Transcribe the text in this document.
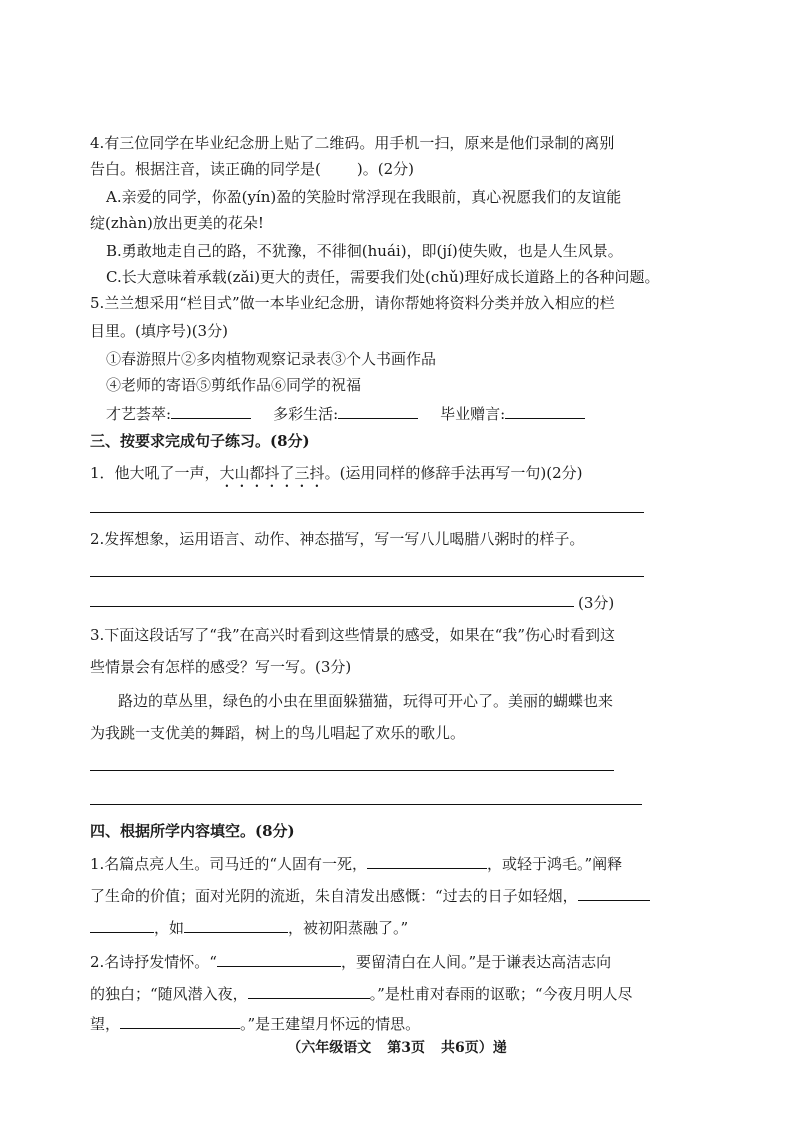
4.有三位同学在毕业纪念册上贴了二维码。用手机一扫，原来是他们录制的离别
告白。根据注音，读正确的同学是( )。(2分)
A.亲爱的同学，你盈(yín)盈的笑脸时常浮现在我眼前，真心祝愿我们的友谊能
绽(zhàn)放出更美的花朵!
B.勇敢地走自己的路，不犹豫，不徘徊(huái)，即(jí)使失败，也是人生风景。
C.长大意味着承载(zǎi)更大的责任，需要我们处(chǔ)理好成长道路上的各种问题。
5.兰兰想采用“栏目式”做一本毕业纪念册，请你帮她将资料分类并放入相应的栏
目里。(填序号)(3分)
①春游照片②多肉植物观察记录表③个人书画作品
④老师的寄语⑤剪纸作品⑥同学的祝福
才艺荟萃:	多彩生活:	毕业赠言:
三、按要求完成句子练习。(8分)
1．他大吼了一声，大山都抖了三抖。(运用同样的修辞手法再写一句)(2分)
2.发挥想象，运用语言、动作、神态描写，写一写八儿喝腊八粥时的样子。
(3分)
3.下面这段话写了“我”在高兴时看到这些情景的感受，如果在“我”伤心时看到这
些情景会有怎样的感受？写一写。(3分)
路边的草丛里，绿色的小虫在里面躲猫猫，玩得可开心了。美丽的蝴蝶也来
为我跳一支优美的舞蹈，树上的鸟儿唱起了欢乐的歌儿。
四、根据所学内容填空。(8分)
1.名篇点亮人生。司马迁的“人固有一死，	，或轻于鸿毛。”阐释
了生命的价值；面对光阴的流逝，朱自清发出感慨：“过去的日子如轻烟，
，如	，被初阳蒸融了。”
2.名诗抒发情怀。“	，要留清白在人间。”是于谦表达高洁志向
的独白；“随风潜入夜，	。”是杜甫对春雨的讴歌；“今夜月明人尽
望，	。”是王建望月怀远的情思。
（六年级语文 第3页 共6页）递
